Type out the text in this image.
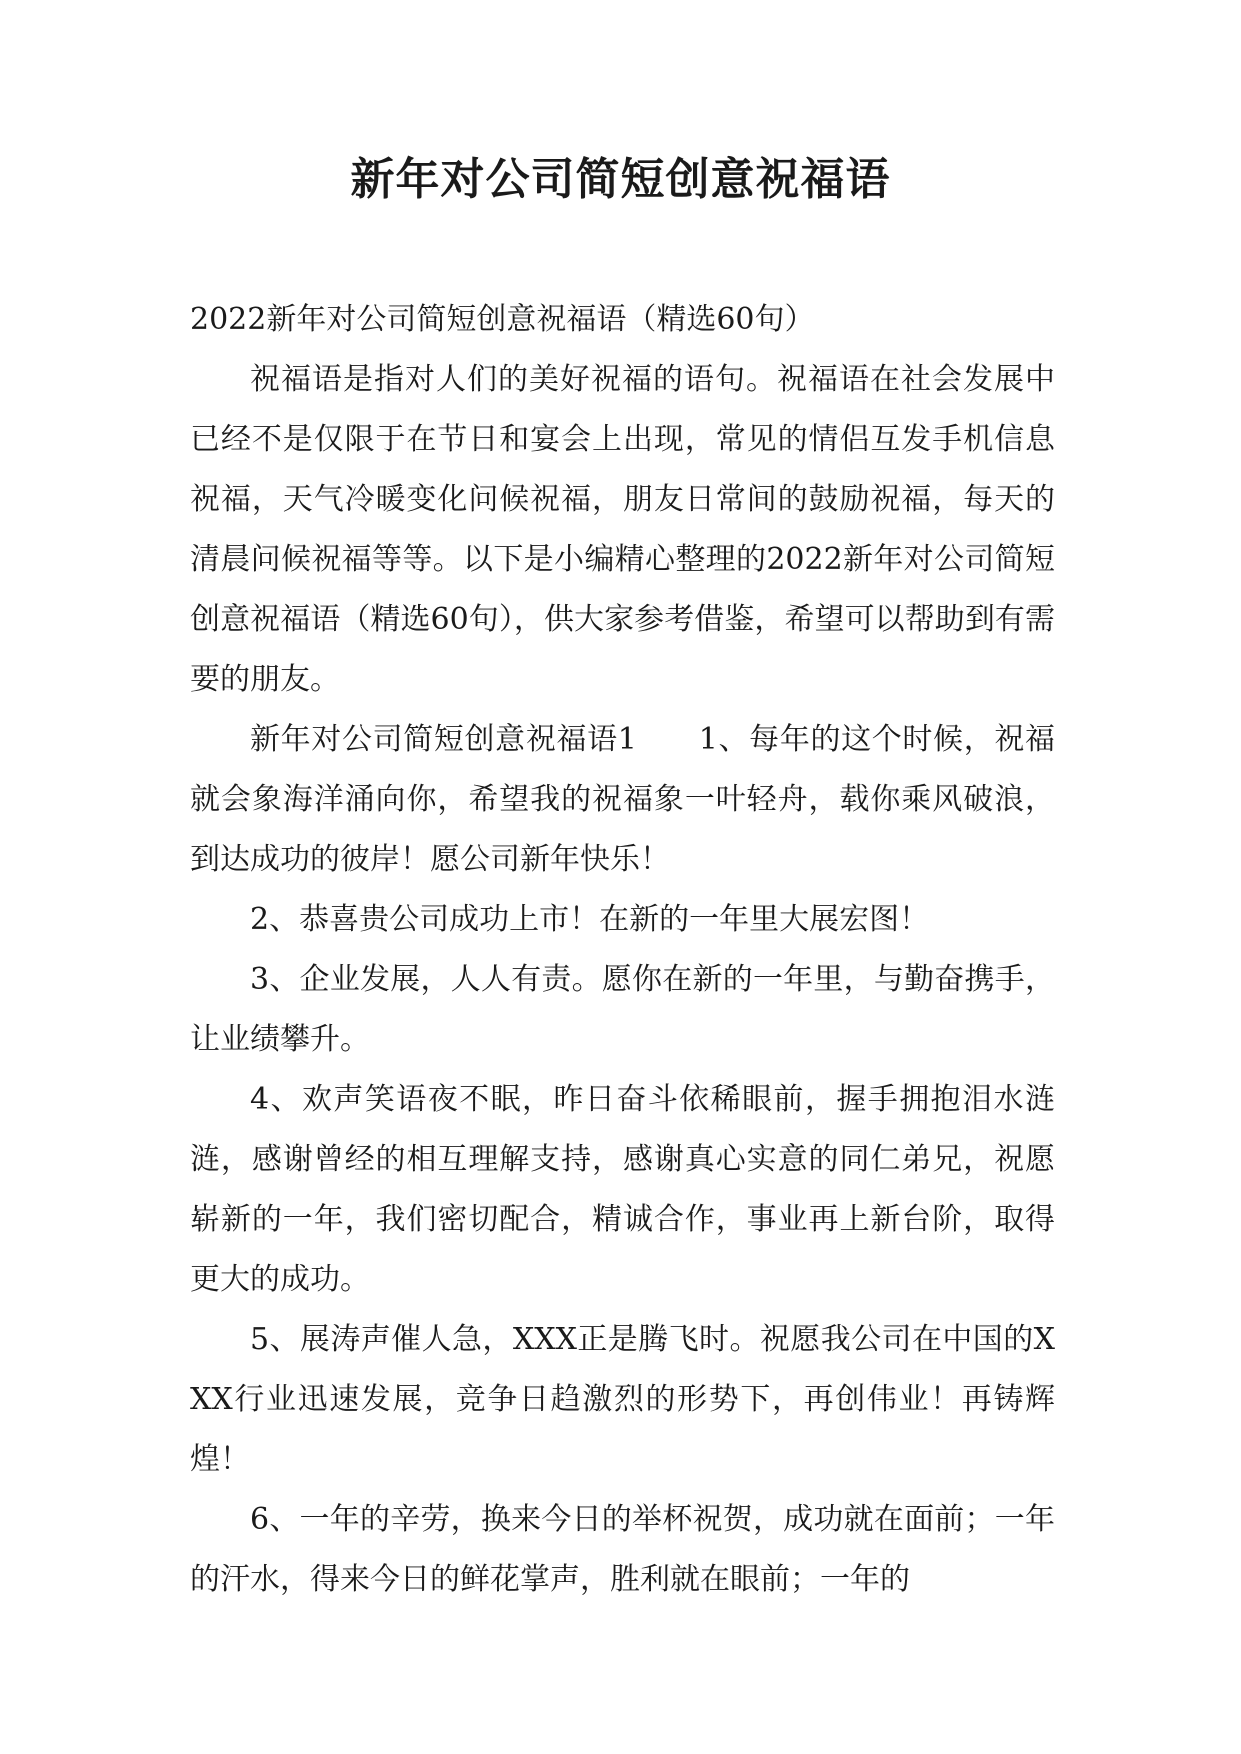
新年对公司简短创意祝福语

2022新年对公司简短创意祝福语（精选60句）

祝福语是指对人们的美好祝福的语句。祝福语在社会发展中已经不是仅限于在节日和宴会上出现，常见的情侣互发手机信息祝福，天气冷暖变化问候祝福，朋友日常间的鼓励祝福，每天的清晨问候祝福等等。以下是小编精心整理的2022新年对公司简短创意祝福语（精选60句），供大家参考借鉴，希望可以帮助到有需要的朋友。

新年对公司简短创意祝福语1　　1、每年的这个时候，祝福就会象海洋涌向你，希望我的祝福象一叶轻舟，载你乘风破浪，到达成功的彼岸！愿公司新年快乐！

2、恭喜贵公司成功上市！在新的一年里大展宏图！

3、企业发展，人人有责。愿你在新的一年里，与勤奋携手，让业绩攀升。

4、欢声笑语夜不眠，昨日奋斗依稀眼前，握手拥抱泪水涟涟，感谢曾经的相互理解支持，感谢真心实意的同仁弟兄，祝愿崭新的一年，我们密切配合，精诚合作，事业再上新台阶，取得更大的成功。

5、展涛声催人急，XXX正是腾飞时。祝愿我公司在中国的XXX行业迅速发展，竞争日趋激烈的形势下，再创伟业！再铸辉煌！

6、一年的辛劳，换来今日的举杯祝贺，成功就在面前；一年的汗水，得来今日的鲜花掌声，胜利就在眼前；一年的
